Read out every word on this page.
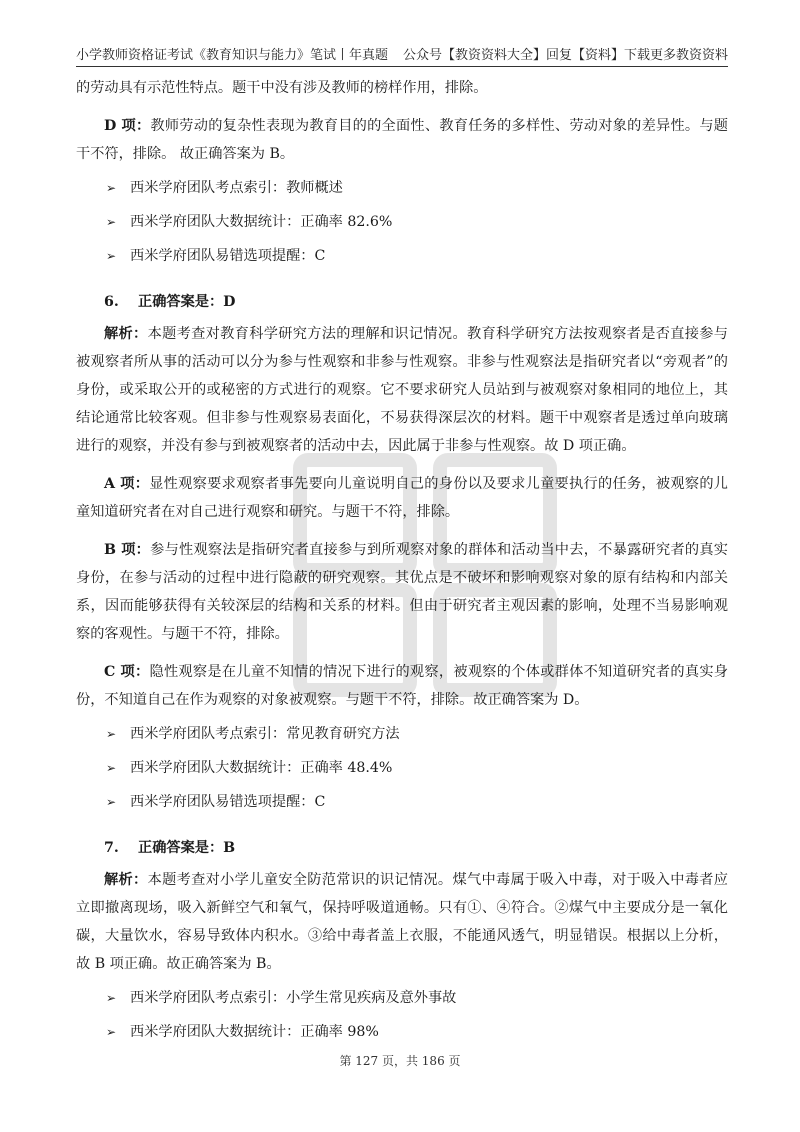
小学教师资格证考试《教育知识与能力》笔试丨年真题 公众号【教资资料大全】回复【资料】下载更多教资资料

的劳动具有示范性特点。题干中没有涉及教师的榜样作用，排除。

D 项：教师劳动的复杂性表现为教育目的的全面性、教育任务的多样性、劳动对象的差异性。与题干不符，排除。 故正确答案为 B。

➢ 西米学府团队考点索引：教师概述

➢ 西米学府团队大数据统计：正确率 82.6%

➢ 西米学府团队易错选项提醒：C

6. 正确答案是：D

解析：本题考查对教育科学研究方法的理解和识记情况。教育科学研究方法按观察者是否直接参与被观察者所从事的活动可以分为参与性观察和非参与性观察。非参与性观察法是指研究者以“旁观者”的身份，或采取公开的或秘密的方式进行的观察。它不要求研究人员站到与被观察对象相同的地位上，其结论通常比较客观。但非参与性观察易表面化，不易获得深层次的材料。题干中观察者是透过单向玻璃进行的观察，并没有参与到被观察者的活动中去，因此属于非参与性观察。故 D 项正确。

A 项：显性观察要求观察者事先要向儿童说明自己的身份以及要求儿童要执行的任务，被观察的儿童知道研究者在对自己进行观察和研究。与题干不符，排除。

B 项：参与性观察法是指研究者直接参与到所观察对象的群体和活动当中去，不暴露研究者的真实身份，在参与活动的过程中进行隐蔽的研究观察。其优点是不破坏和影响观察对象的原有结构和内部关系，因而能够获得有关较深层的结构和关系的材料。但由于研究者主观因素的影响，处理不当易影响观察的客观性。与题干不符，排除。

C 项：隐性观察是在儿童不知情的情况下进行的观察，被观察的个体或群体不知道研究者的真实身份，不知道自己在作为观察的对象被观察。与题干不符，排除。故正确答案为 D。

➢ 西米学府团队考点索引：常见教育研究方法

➢ 西米学府团队大数据统计：正确率 48.4%

➢ 西米学府团队易错选项提醒：C

7. 正确答案是：B

解析：本题考查对小学儿童安全防范常识的识记情况。煤气中毒属于吸入中毒，对于吸入中毒者应立即撤离现场，吸入新鲜空气和氧气，保持呼吸道通畅。只有①、④符合。②煤气中主要成分是一氧化碳，大量饮水，容易导致体内积水。③给中毒者盖上衣服，不能通风透气，明显错误。根据以上分析，故 B 项正确。故正确答案为 B。

➢ 西米学府团队考点索引：小学生常见疾病及意外事故

➢ 西米学府团队大数据统计：正确率 98%

第 127 页，共 186 页
